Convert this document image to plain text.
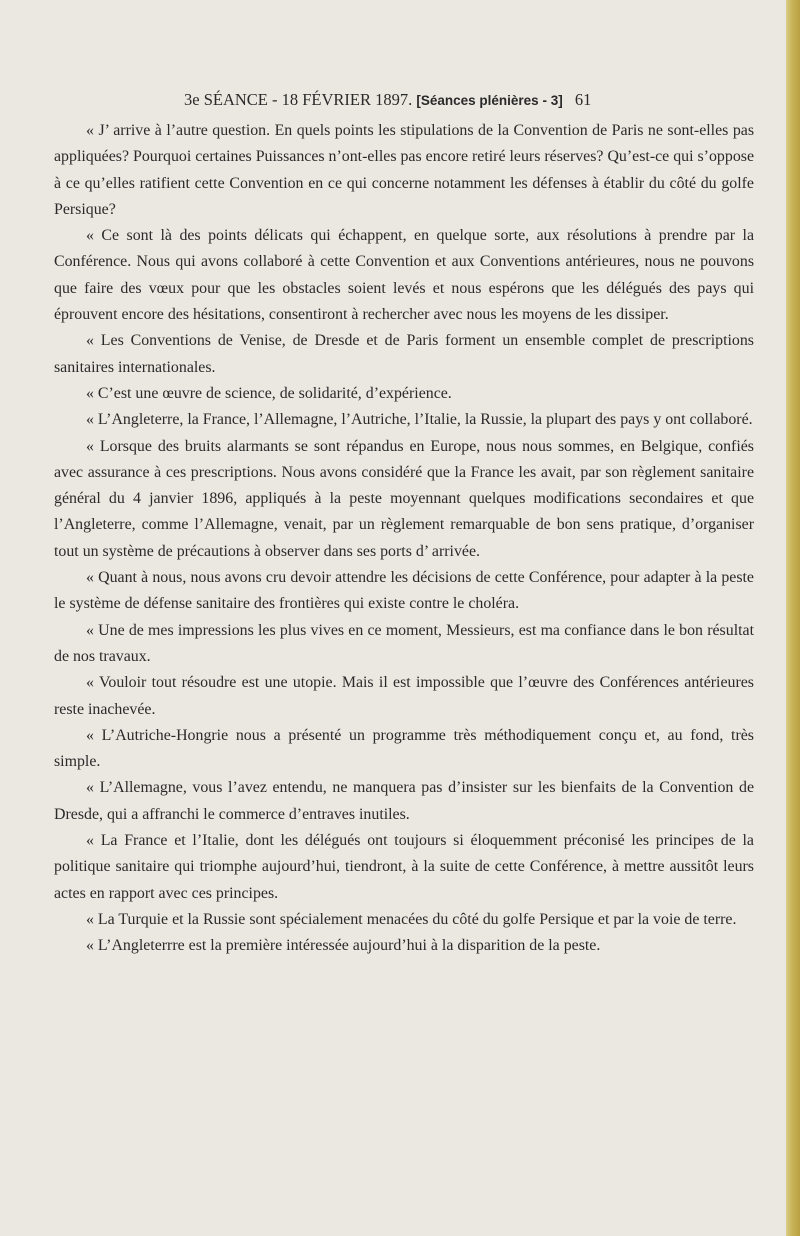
3e SÉANCE - 18 FÉVRIER 1897. [Séances plénières - 3] 61

« J’ arrive à l’autre question. En quels points les stipulations de la Convention de Paris ne sont-elles pas appliquées? Pourquoi certaines Puissances n’ont-elles pas encore retiré leurs réserves? Qu’est-ce qui s’oppose à ce qu’elles ratifient cette Convention en ce qui concerne notamment les défenses à établir du côté du golfe Persique?

« Ce sont là des points délicats qui échappent, en quelque sorte, aux résolutions à prendre par la Conférence. Nous qui avons collaboré à cette Convention et aux Conventions antérieures, nous ne pouvons que faire des vœux pour que les obstacles soient levés et nous espérons que les délégués des pays qui éprouvent encore des hésitations, consentiront à rechercher avec nous les moyens de les dissiper.

« Les Conventions de Venise, de Dresde et de Paris forment un ensemble complet de prescriptions sanitaires internationales.

« C’est une œuvre de science, de solidarité, d’expérience.

« L’Angleterre, la France, l’Allemagne, l’Autriche, l’Italie, la Russie, la plupart des pays y ont collaboré.

« Lorsque des bruits alarmants se sont répandus en Europe, nous nous sommes, en Belgique, confiés avec assurance à ces prescriptions. Nous avons considéré que la France les avait, par son règlement sanitaire général du 4 janvier 1896, appliqués à la peste moyennant quelques modifications secondaires et que l’Angleterre, comme l’Allemagne, venait, par un règlement remarquable de bon sens pratique, d’organiser tout un système de précautions à observer dans ses ports d’ arrivée.

« Quant à nous, nous avons cru devoir attendre les décisions de cette Conférence, pour adapter à la peste le système de défense sanitaire des frontières qui existe contre le choléra.

« Une de mes impressions les plus vives en ce moment, Messieurs, est ma confiance dans le bon résultat de nos travaux.

« Vouloir tout résoudre est une utopie. Mais il est impossible que l’œuvre des Conférences antérieures reste inachevée.

« L’Autriche-Hongrie nous a présenté un programme très méthodiquement conçu et, au fond, très simple.

« L’Allemagne, vous l’avez entendu, ne manquera pas d’insister sur les bienfaits de la Convention de Dresde, qui a affranchi le commerce d’entraves inutiles.

« La France et l’Italie, dont les délégués ont toujours si éloquemment préconisé les principes de la politique sanitaire qui triomphe aujourd’hui, tiendront, à la suite de cette Conférence, à mettre aussitôt leurs actes en rapport avec ces principes.

« La Turquie et la Russie sont spécialement menacées du côté du golfe Persique et par la voie de terre.

« L’Angleterrre est la première intéressée aujourd’hui à la disparition de la peste.
